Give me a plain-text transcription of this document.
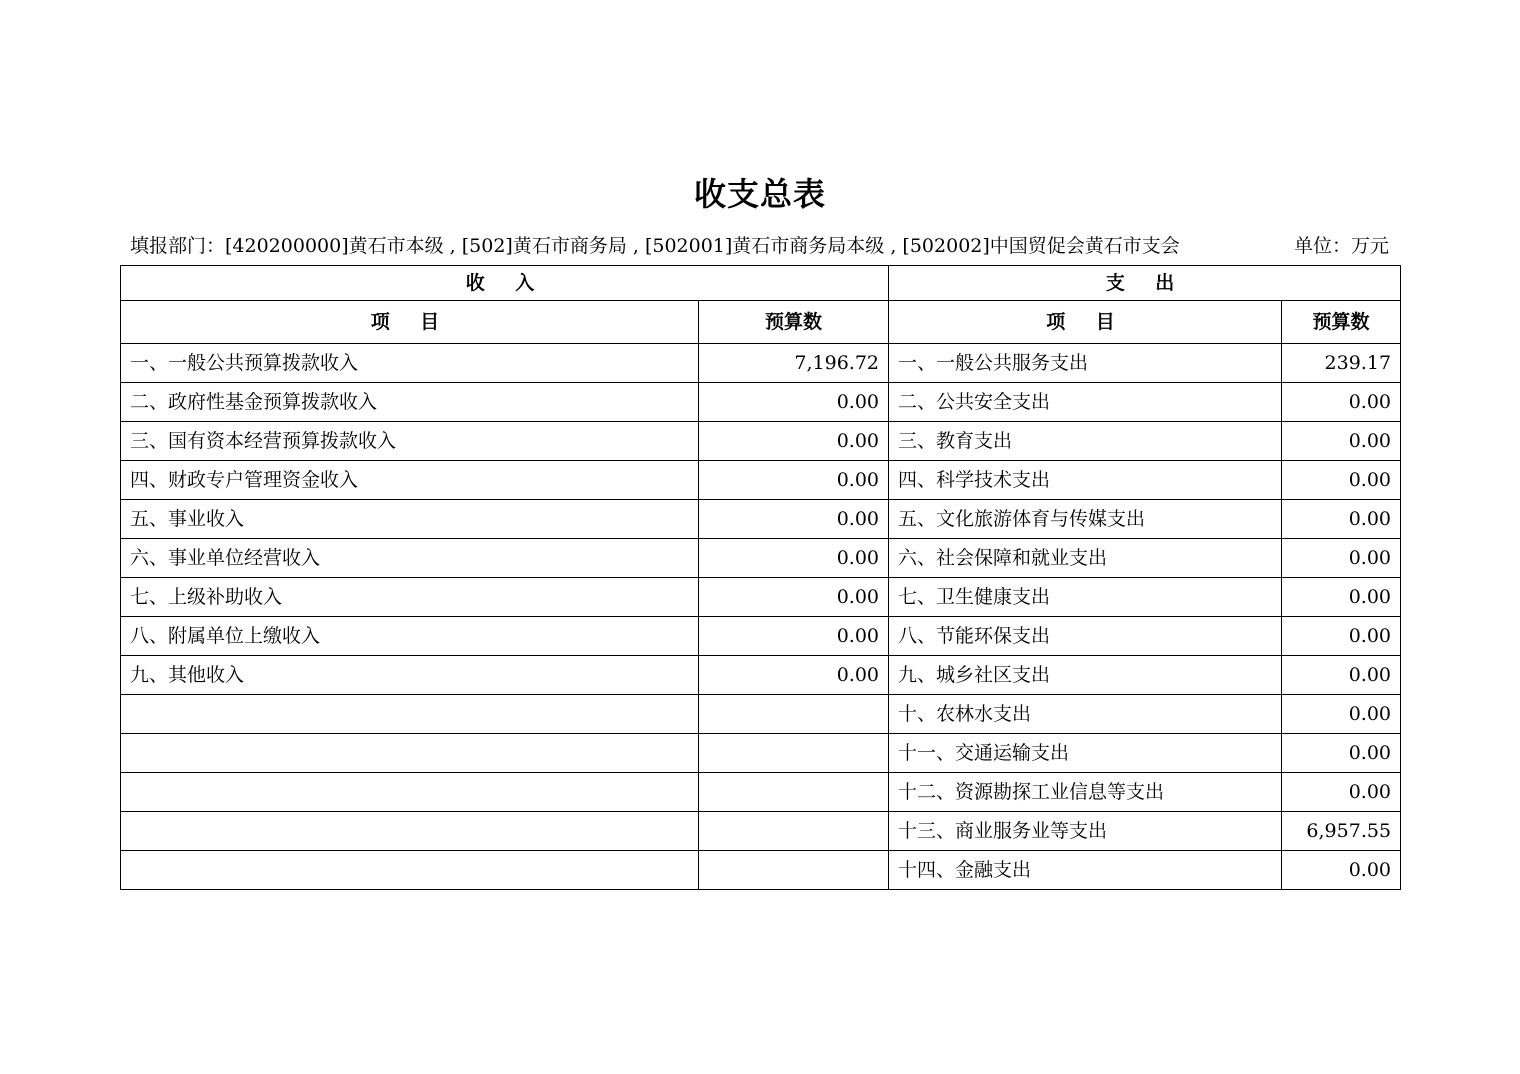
收支总表
填报部门：[420200000]黄石市本级 , [502]黄石市商务局 , [502001]黄石市商务局本级 , [502002]中国贸促会黄石市支会	单位：万元
收入		支出	
项目	预算数	项目	预算数
一、一般公共预算拨款收入	7,196.72	一、一般公共服务支出	239.17
二、政府性基金预算拨款收入	0.00	二、公共安全支出	0.00
三、国有资本经营预算拨款收入	0.00	三、教育支出	0.00
四、财政专户管理资金收入	0.00	四、科学技术支出	0.00
五、事业收入	0.00	五、文化旅游体育与传媒支出	0.00
六、事业单位经营收入	0.00	六、社会保障和就业支出	0.00
七、上级补助收入	0.00	七、卫生健康支出	0.00
八、附属单位上缴收入	0.00	八、节能环保支出	0.00
九、其他收入	0.00	九、城乡社区支出	0.00
		十、农林水支出	0.00
		十一、交通运输支出	0.00
		十二、资源勘探工业信息等支出	0.00
		十三、商业服务业等支出	6,957.55
		十四、金融支出	0.00
